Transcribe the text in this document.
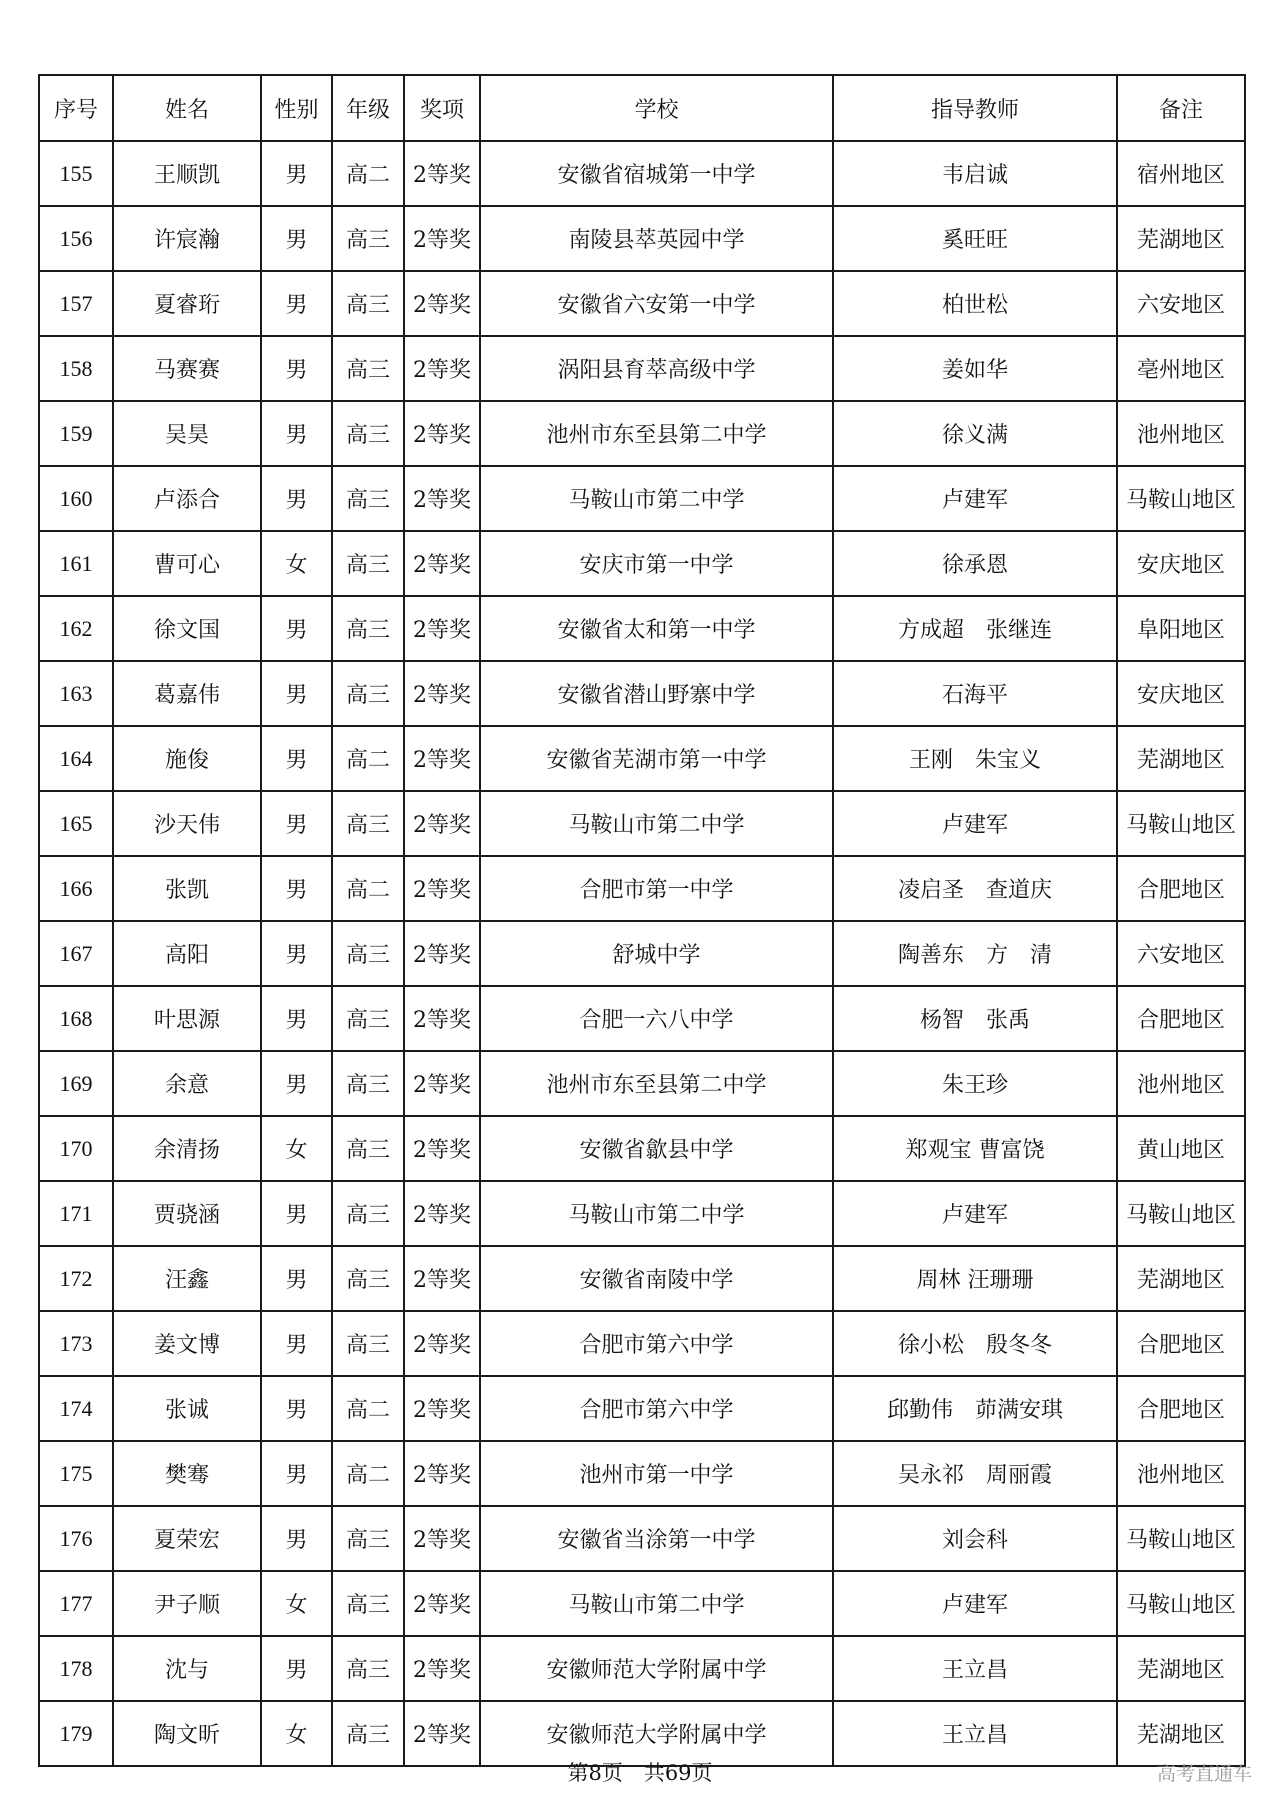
序号	姓名	性别	年级	奖项	学校	指导教师	备注
155	王顺凯	男	高二	2等奖	安徽省宿城第一中学	韦启诚	宿州地区
156	许宸瀚	男	高三	2等奖	南陵县萃英园中学	奚旺旺	芜湖地区
157	夏睿珩	男	高三	2等奖	安徽省六安第一中学	柏世松	六安地区
158	马赛赛	男	高三	2等奖	涡阳县育萃高级中学	姜如华	亳州地区
159	吴昊	男	高三	2等奖	池州市东至县第二中学	徐义满	池州地区
160	卢添合	男	高三	2等奖	马鞍山市第二中学	卢建军	马鞍山地区
161	曹可心	女	高三	2等奖	安庆市第一中学	徐承恩	安庆地区
162	徐文国	男	高三	2等奖	安徽省太和第一中学	方成超　张继连	阜阳地区
163	葛嘉伟	男	高三	2等奖	安徽省潜山野寨中学	石海平	安庆地区
164	施俊	男	高二	2等奖	安徽省芜湖市第一中学	王刚　朱宝义	芜湖地区
165	沙天伟	男	高三	2等奖	马鞍山市第二中学	卢建军	马鞍山地区
166	张凯	男	高二	2等奖	合肥市第一中学	凌启圣　查道庆	合肥地区
167	高阳	男	高三	2等奖	舒城中学	陶善东　方　清	六安地区
168	叶思源	男	高三	2等奖	合肥一六八中学	杨智　张禹	合肥地区
169	余意	男	高三	2等奖	池州市东至县第二中学	朱王珍	池州地区
170	余清扬	女	高三	2等奖	安徽省歙县中学	郑观宝 曹富饶	黄山地区
171	贾骁涵	男	高三	2等奖	马鞍山市第二中学	卢建军	马鞍山地区
172	汪鑫	男	高三	2等奖	安徽省南陵中学	周林 汪珊珊	芜湖地区
173	姜文博	男	高三	2等奖	合肥市第六中学	徐小松　殷冬冬	合肥地区
174	张诚	男	高二	2等奖	合肥市第六中学	邱勤伟　茆满安琪	合肥地区
175	樊骞	男	高二	2等奖	池州市第一中学	吴永祁　周丽霞	池州地区
176	夏荣宏	男	高三	2等奖	安徽省当涂第一中学	刘会科	马鞍山地区
177	尹子顺	女	高三	2等奖	马鞍山市第二中学	卢建军	马鞍山地区
178	沈与	男	高三	2等奖	安徽师范大学附属中学	王立昌	芜湖地区
179	陶文昕	女	高三	2等奖	安徽师范大学附属中学	王立昌	芜湖地区
第8页　共69页	高考直通车
